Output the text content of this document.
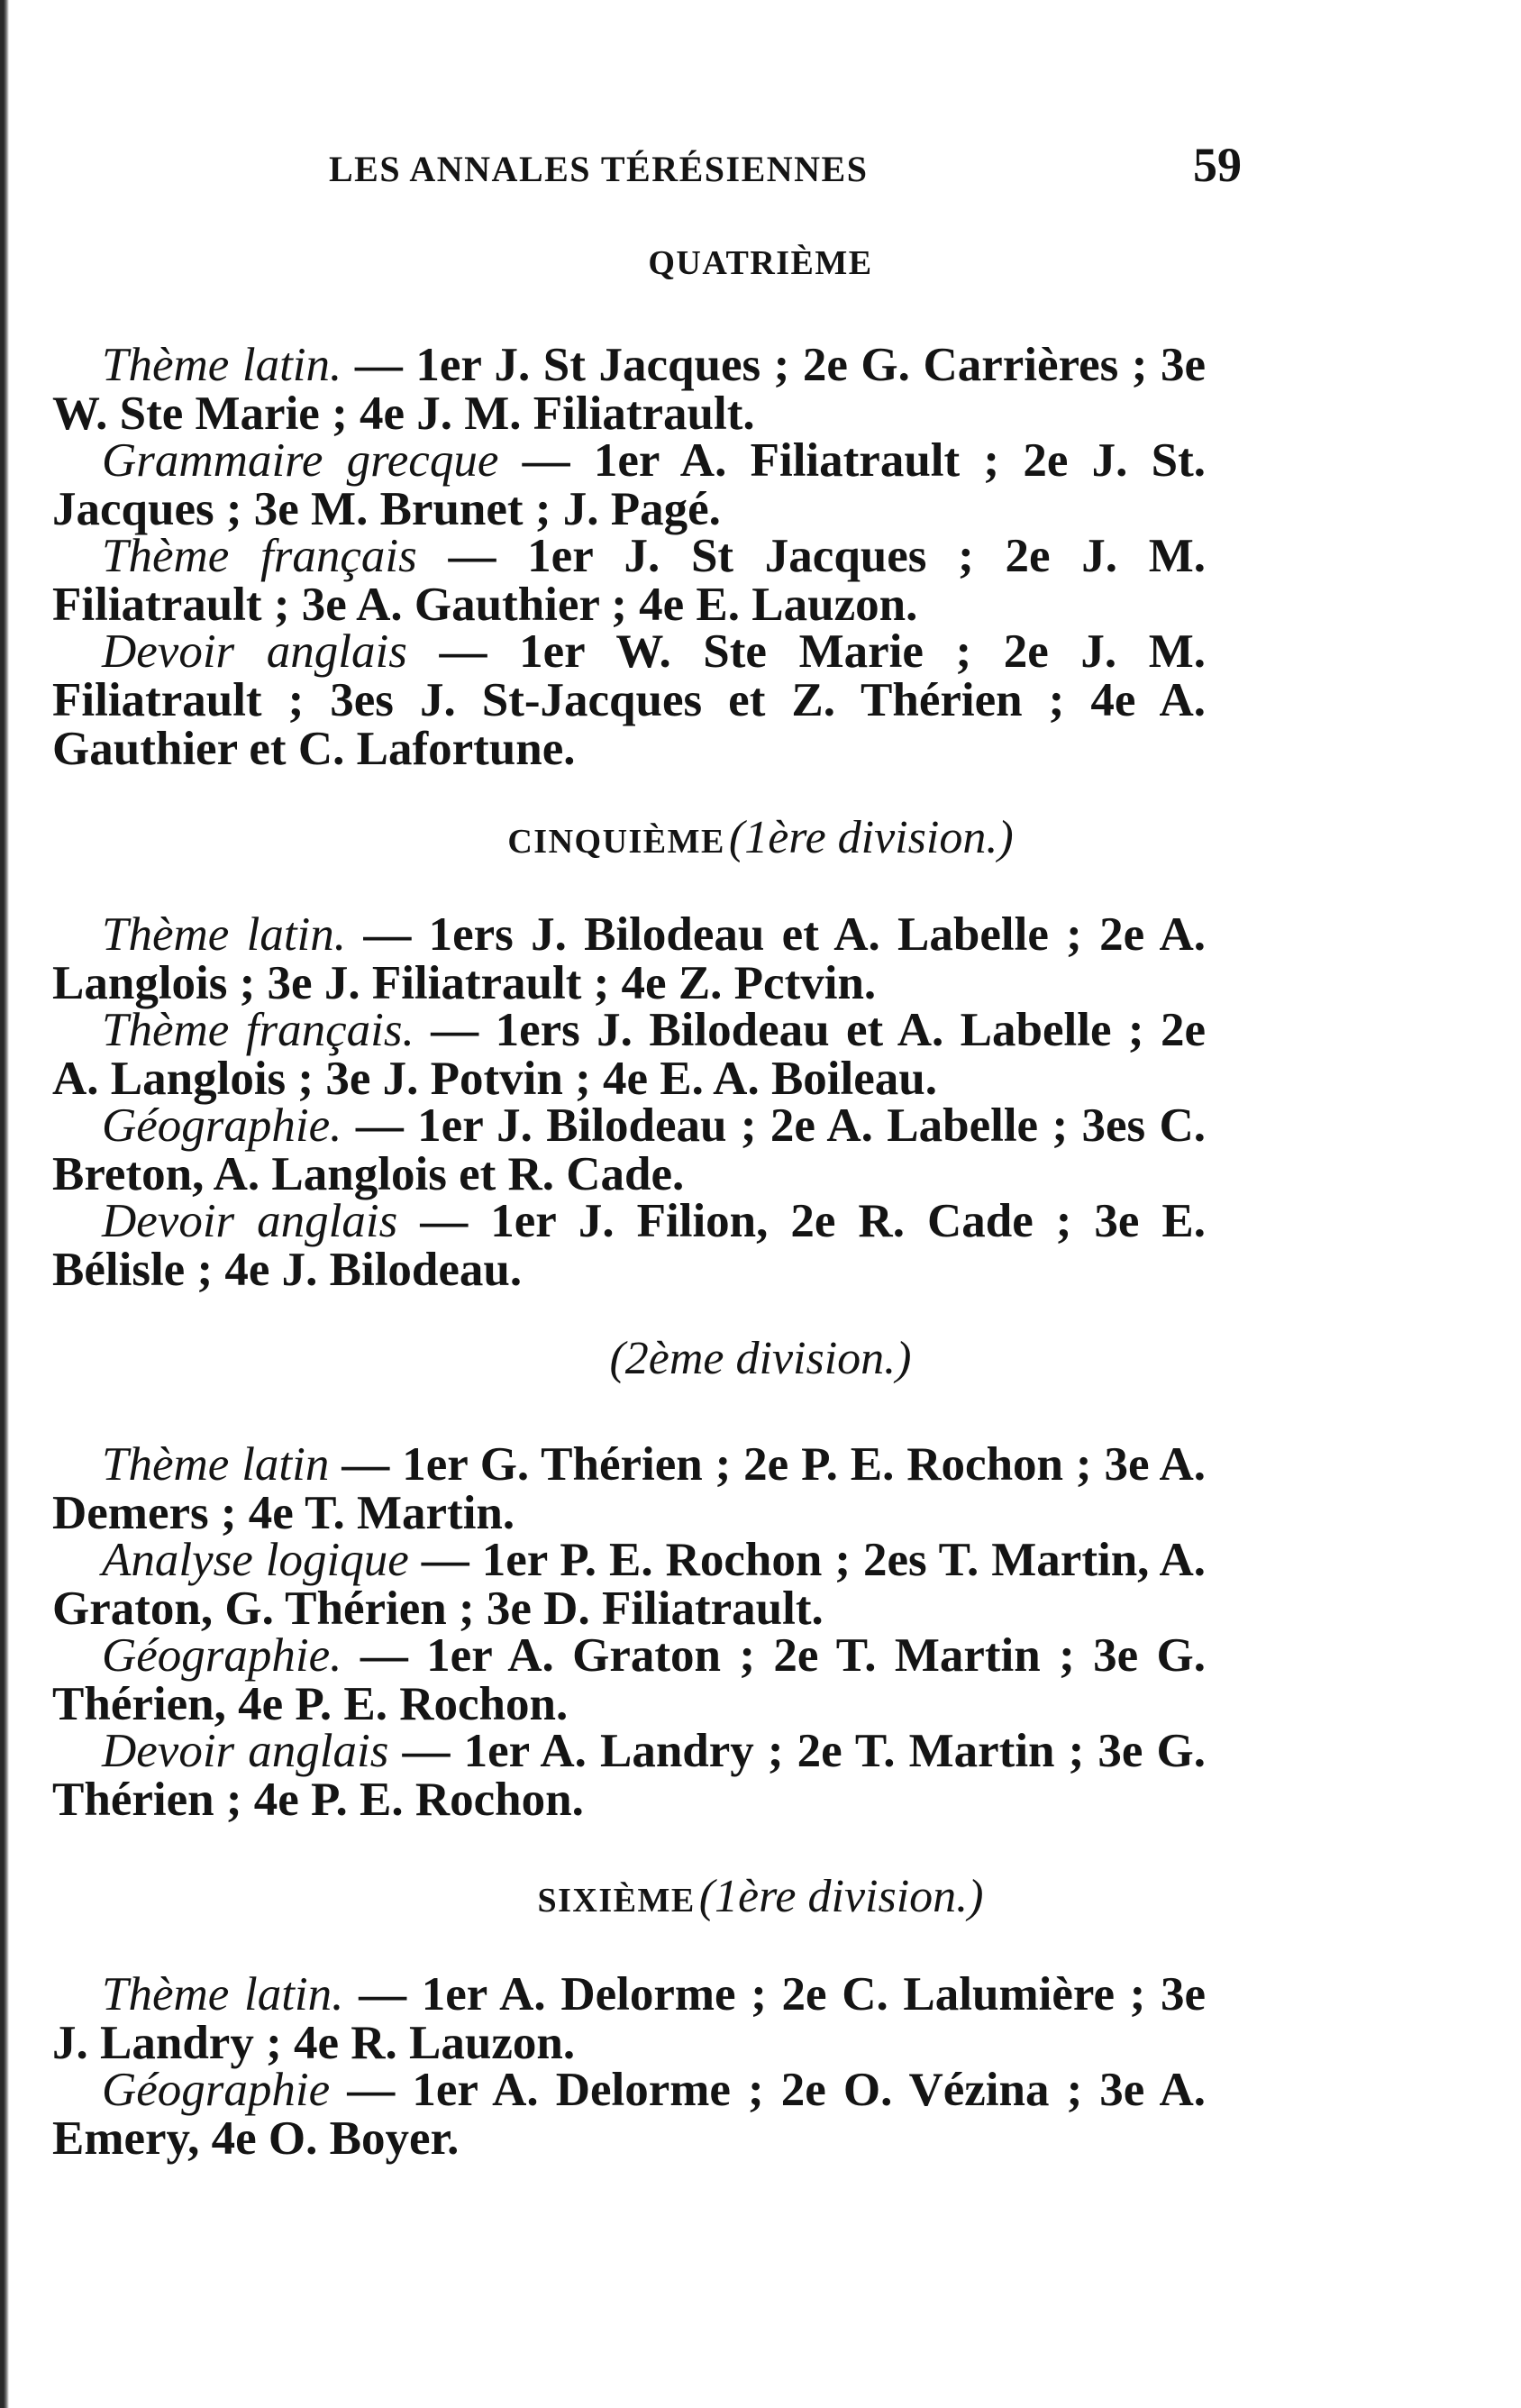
LES ANNALES TÉRÉSIENNES	59
QUATRIÈME

Thème latin. — 1er J. St Jacques ; 2e G. Carrières ; 3e W. Ste Marie ; 4e J. M. Filiatrault.

Grammaire grecque — 1er A. Filiatrault ; 2e J. St. Jacques ; 3e M. Brunet ; J. Pagé.

Thème français — 1er J. St Jacques ; 2e J. M. Filiatrault ; 3e A. Gauthier ; 4e E. Lauzon.

Devoir anglais — 1er W. Ste Marie ; 2e J. M. Filiatrault ; 3es J. St-Jacques et Z. Thérien ; 4e A. Gauthier et C. Lafortune.

CINQUIÈME (1ère division.)

Thème latin. — 1ers J. Bilodeau et A. Labelle ; 2e A. Langlois ; 3e J. Filiatrault ; 4e Z. Pctvin.

Thème français. — 1ers J. Bilodeau et A. Labelle ; 2e A. Langlois ; 3e J. Potvin ; 4e E. A. Boileau.

Géographie. — 1er J. Bilodeau ; 2e A. Labelle ; 3es C. Breton, A. Langlois et R. Cade.

Devoir anglais — 1er J. Filion, 2e R. Cade ; 3e E. Bélisle ; 4e J. Bilodeau.

(2ème division.)

Thème latin — 1er G. Thérien ; 2e P. E. Rochon ; 3e A. Demers ; 4e T. Martin.

Analyse logique — 1er P. E. Rochon ; 2es T. Martin, A. Graton, G. Thérien ; 3e D. Filiatrault.

Géographie. — 1er A. Graton ; 2e T. Martin ; 3e G. Thérien, 4e P. E. Rochon.

Devoir anglais — 1er A. Landry ; 2e T. Martin ; 3e G. Thérien ; 4e P. E. Rochon.

SIXIÈME (1ère division.)

Thème latin. — 1er A. Delorme ; 2e C. Lalumière ; 3e J. Landry ; 4e R. Lauzon.

Géographie — 1er A. Delorme ; 2e O. Vézina ; 3e A. Emery, 4e O. Boyer.
